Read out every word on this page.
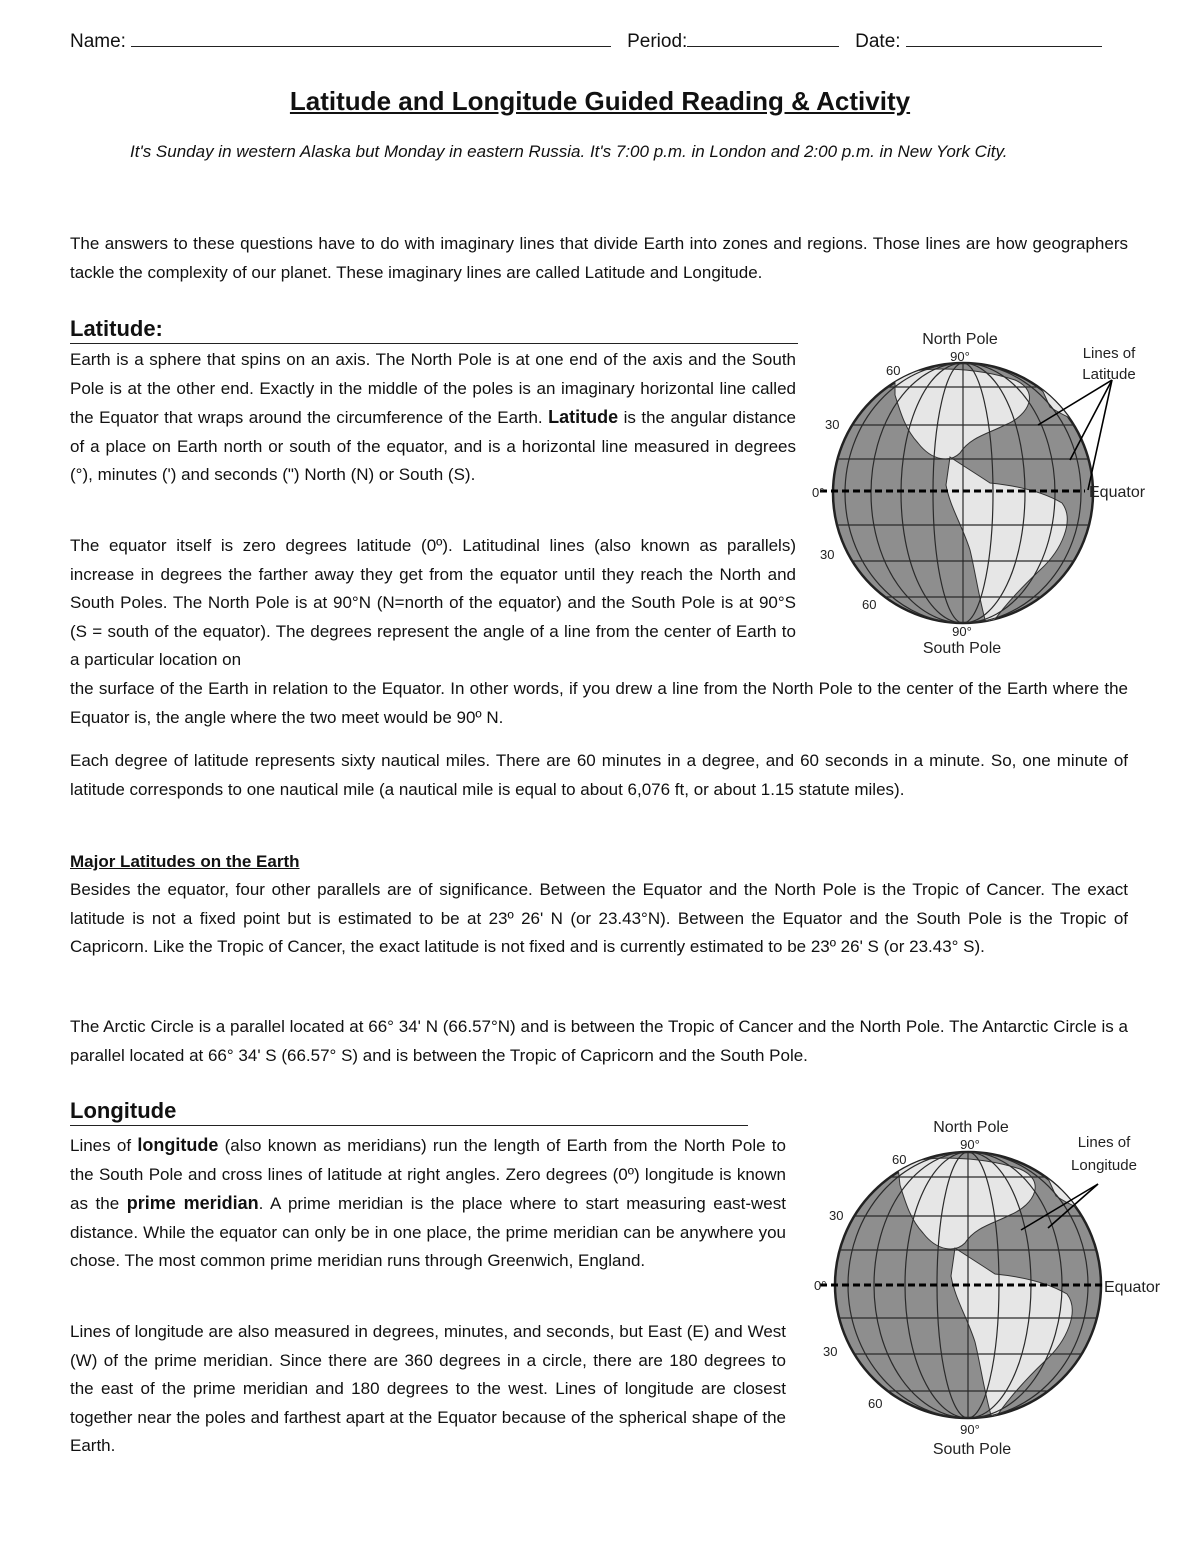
Name:	Period:	Date:
Latitude and Longitude Guided Reading & Activity
It's Sunday in western Alaska but Monday in eastern Russia. It's 7:00 p.m. in London and 2:00 p.m. in New York City.

The answers to these questions have to do with imaginary lines that divide Earth into zones and regions. Those lines are how geographers tackle the complexity of our planet. These imaginary lines are called Latitude and Longitude.

Latitude:

Earth is a sphere that spins on an axis. The North Pole is at one end of the axis and the South Pole is at the other end. Exactly in the middle of the poles is an imaginary horizontal line called the Equator that wraps around the circumference of the Earth. Latitude is the angular distance of a place on Earth north or south of the equator, and is a horizontal line measured in degrees (°), minutes (') and seconds (") North (N) or South (S).

The equator itself is zero degrees latitude (0º). Latitudinal lines (also known as parallels) increase in degrees the farther away they get from the equator until they reach the North and South Poles. The North Pole is at 90°N (N=north of the equator) and the South Pole is at 90°S (S = south of the equator). The degrees represent the angle of a line from the center of Earth to a particular location on

the surface of the Earth in relation to the Equator. In other words, if you drew a line from the North Pole to the center of the Earth where the Equator is, the angle where the two meet would be 90º N.

Each degree of latitude represents sixty nautical miles. There are 60 minutes in a degree, and 60 seconds in a minute. So, one minute of latitude corresponds to one nautical mile (a nautical mile is equal to about 6,076 ft, or about 1.15 statute miles).

Major Latitudes on the Earth

Besides the equator, four other parallels are of significance. Between the Equator and the North Pole is the Tropic of Cancer. The exact latitude is not a fixed point but is estimated to be at 23º 26' N (or 23.43°N). Between the Equator and the South Pole is the Tropic of Capricorn. Like the Tropic of Cancer, the exact latitude is not fixed and is currently estimated to be 23º 26' S (or 23.43° S).

The Arctic Circle is a parallel located at 66° 34' N (66.57°N) and is between the Tropic of Cancer and the North Pole. The Antarctic Circle is a parallel located at 66° 34' S (66.57° S) and is between the Tropic of Capricorn and the South Pole.

Longitude

Lines of longitude (also known as meridians) run the length of Earth from the North Pole to the South Pole and cross lines of latitude at right angles. Zero degrees (0º) longitude is known as the prime meridian. A prime meridian is the place where to start measuring east-west distance. While the equator can only be in one place, the prime meridian can be anywhere you chose. The most common prime meridian runs through Greenwich, England.

Lines of longitude are also measured in degrees, minutes, and seconds, but East (E) and West (W) of the prime meridian. Since there are 360 degrees in a circle, there are 180 degrees to the east of the prime meridian and 180 degrees to the west. Lines of longitude are closest together near the poles and farthest apart at the Equator because of the spherical shape of the Earth.

North Pole
90°
60
30
0°
30
60
90°
South Pole
Lines of
Latitude
Equator
North Pole
90°
60
30
0°
30
60
90°
South Pole
Lines of
Longitude
Equator
